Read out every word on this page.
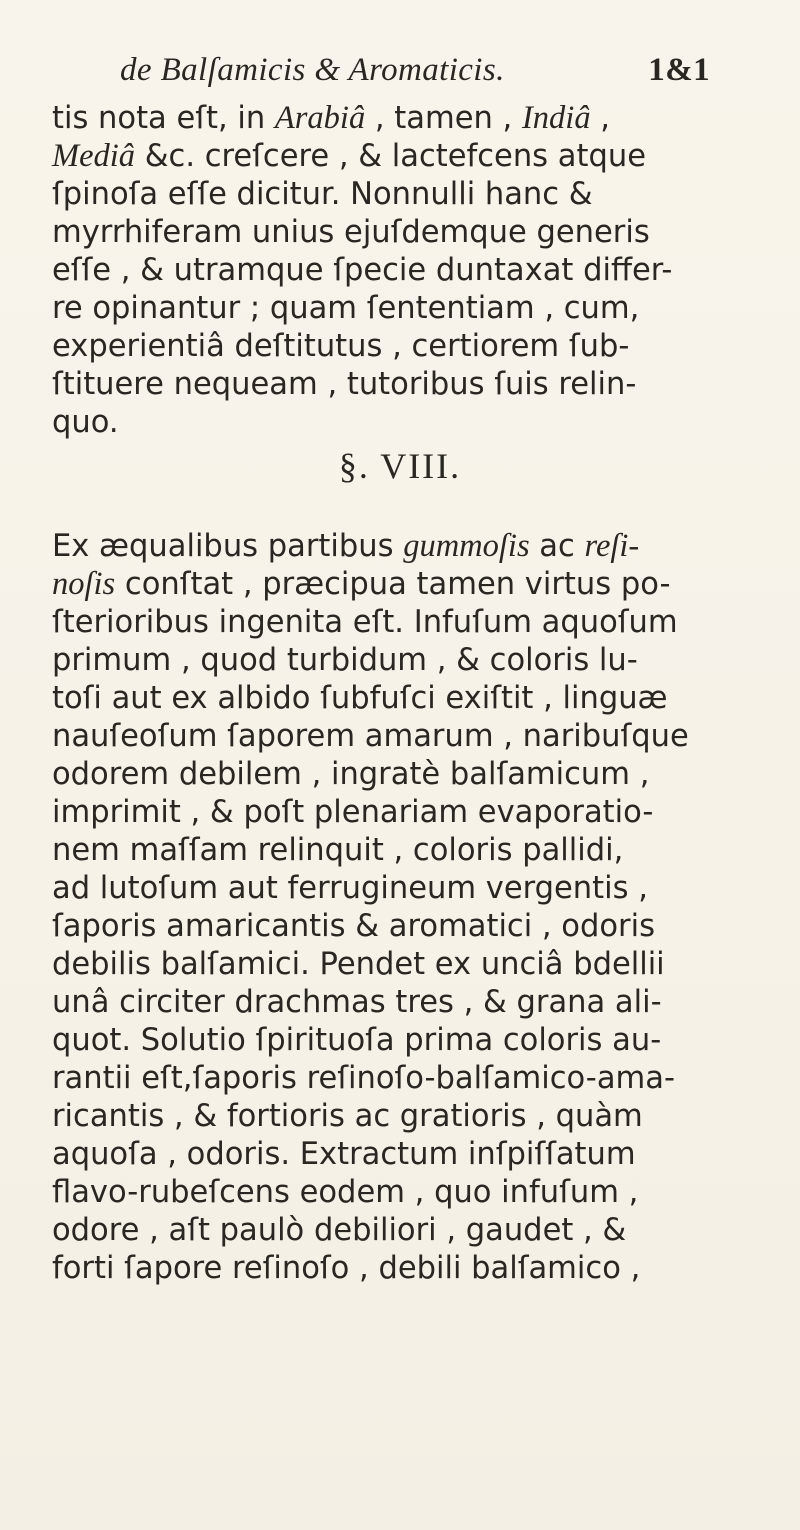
de Balſamicis & Aromaticis.	1&1
tis nota eſt, in Arabiâ , tamen , Indiâ ,
Mediâ &c. creſcere , & lactefcens atque
ſpinoſa eſſe dicitur. Nonnulli hanc &
myrrhiferam unius ejuſdemque generis
eſſe , & utramque ſpecie duntaxat differ-
re opinantur ; quam ſententiam , cum,
experientiâ deſtitutus , certiorem ſub-
ſtituere nequeam , tutoribus ſuis relin-
quo.
§. VIII.
Ex æqualibus partibus gummoſis ac reſi-
noſis conſtat , præcipua tamen virtus po-
ſterioribus ingenita eſt. Infuſum aquoſum
primum , quod turbidum , & coloris lu-
toſi aut ex albido ſubfuſci exiſtit , linguæ
nauſeoſum ſaporem amarum , naribuſque
odorem debilem , ingratè balſamicum ,
imprimit , & poſt plenariam evaporatio-
nem maſſam relinquit , coloris pallidi,
ad lutoſum aut ferrugineum vergentis ,
ſaporis amaricantis & aromatici , odoris
debilis balſamici. Pendet ex unciâ bdellii
unâ circiter drachmas tres , & grana ali-
quot. Solutio ſpirituoſa prima coloris au-
rantii eſt,ſaporis reſinoſo-balſamico-ama-
ricantis , & fortioris ac gratioris , quàm
aquoſa , odoris. Extractum inſpiſſatum
flavo-rubeſcens eodem , quo infuſum ,
odore , aſt paulò debiliori , gaudet , &
forti ſapore reſinoſo , debili balſamico ,
